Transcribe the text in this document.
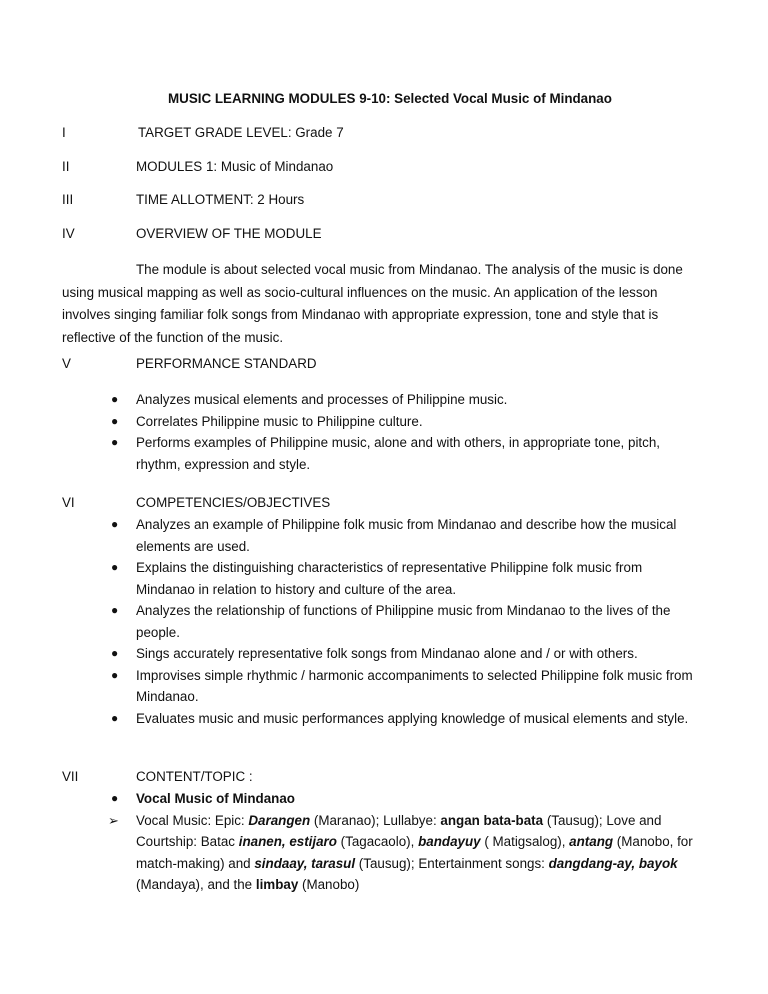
MUSIC LEARNING MODULES 9-10: Selected Vocal Music of Mindanao
I	TARGET GRADE LEVEL: Grade 7
II	MODULES 1: Music of Mindanao
III	TIME ALLOTMENT: 2 Hours
IV	OVERVIEW OF THE MODULE
The module is about selected vocal music from Mindanao. The analysis of the music is done using musical mapping as well as socio-cultural influences on the music. An application of the lesson involves singing familiar folk songs from Mindanao with appropriate expression, tone and style that is reflective of the function of the music.
V	PERFORMANCE STANDARD
● Analyzes musical elements and processes of Philippine music.
● Correlates Philippine music to Philippine culture.
● Performs examples of Philippine music, alone and with others, in appropriate tone, pitch, rhythm, expression and style.
VI	COMPETENCIES/OBJECTIVES
● Analyzes an example of Philippine folk music from Mindanao and describe how the musical elements are used.
● Explains the distinguishing characteristics of representative Philippine folk music from Mindanao in relation to history and culture of the area.
● Analyzes the relationship of functions of Philippine music from Mindanao to the lives of the people.
● Sings accurately representative folk songs from Mindanao alone and / or with others.
● Improvises simple rhythmic / harmonic accompaniments to selected Philippine folk music from Mindanao.
● Evaluates music and music performances applying knowledge of musical elements and style.
VII	CONTENT/TOPIC :
● Vocal Music of Mindanao
➢ Vocal Music: Epic: Darangen (Maranao); Lullabye: angan bata-bata (Tausug); Love and Courtship: Batac inanen, estijaro (Tagacaolo), bandayuy ( Matigsalog), antang (Manobo, for match-making) and sindaay, tarasul (Tausug); Entertainment songs: dangdang-ay, bayok (Mandaya), and the limbay (Manobo)
